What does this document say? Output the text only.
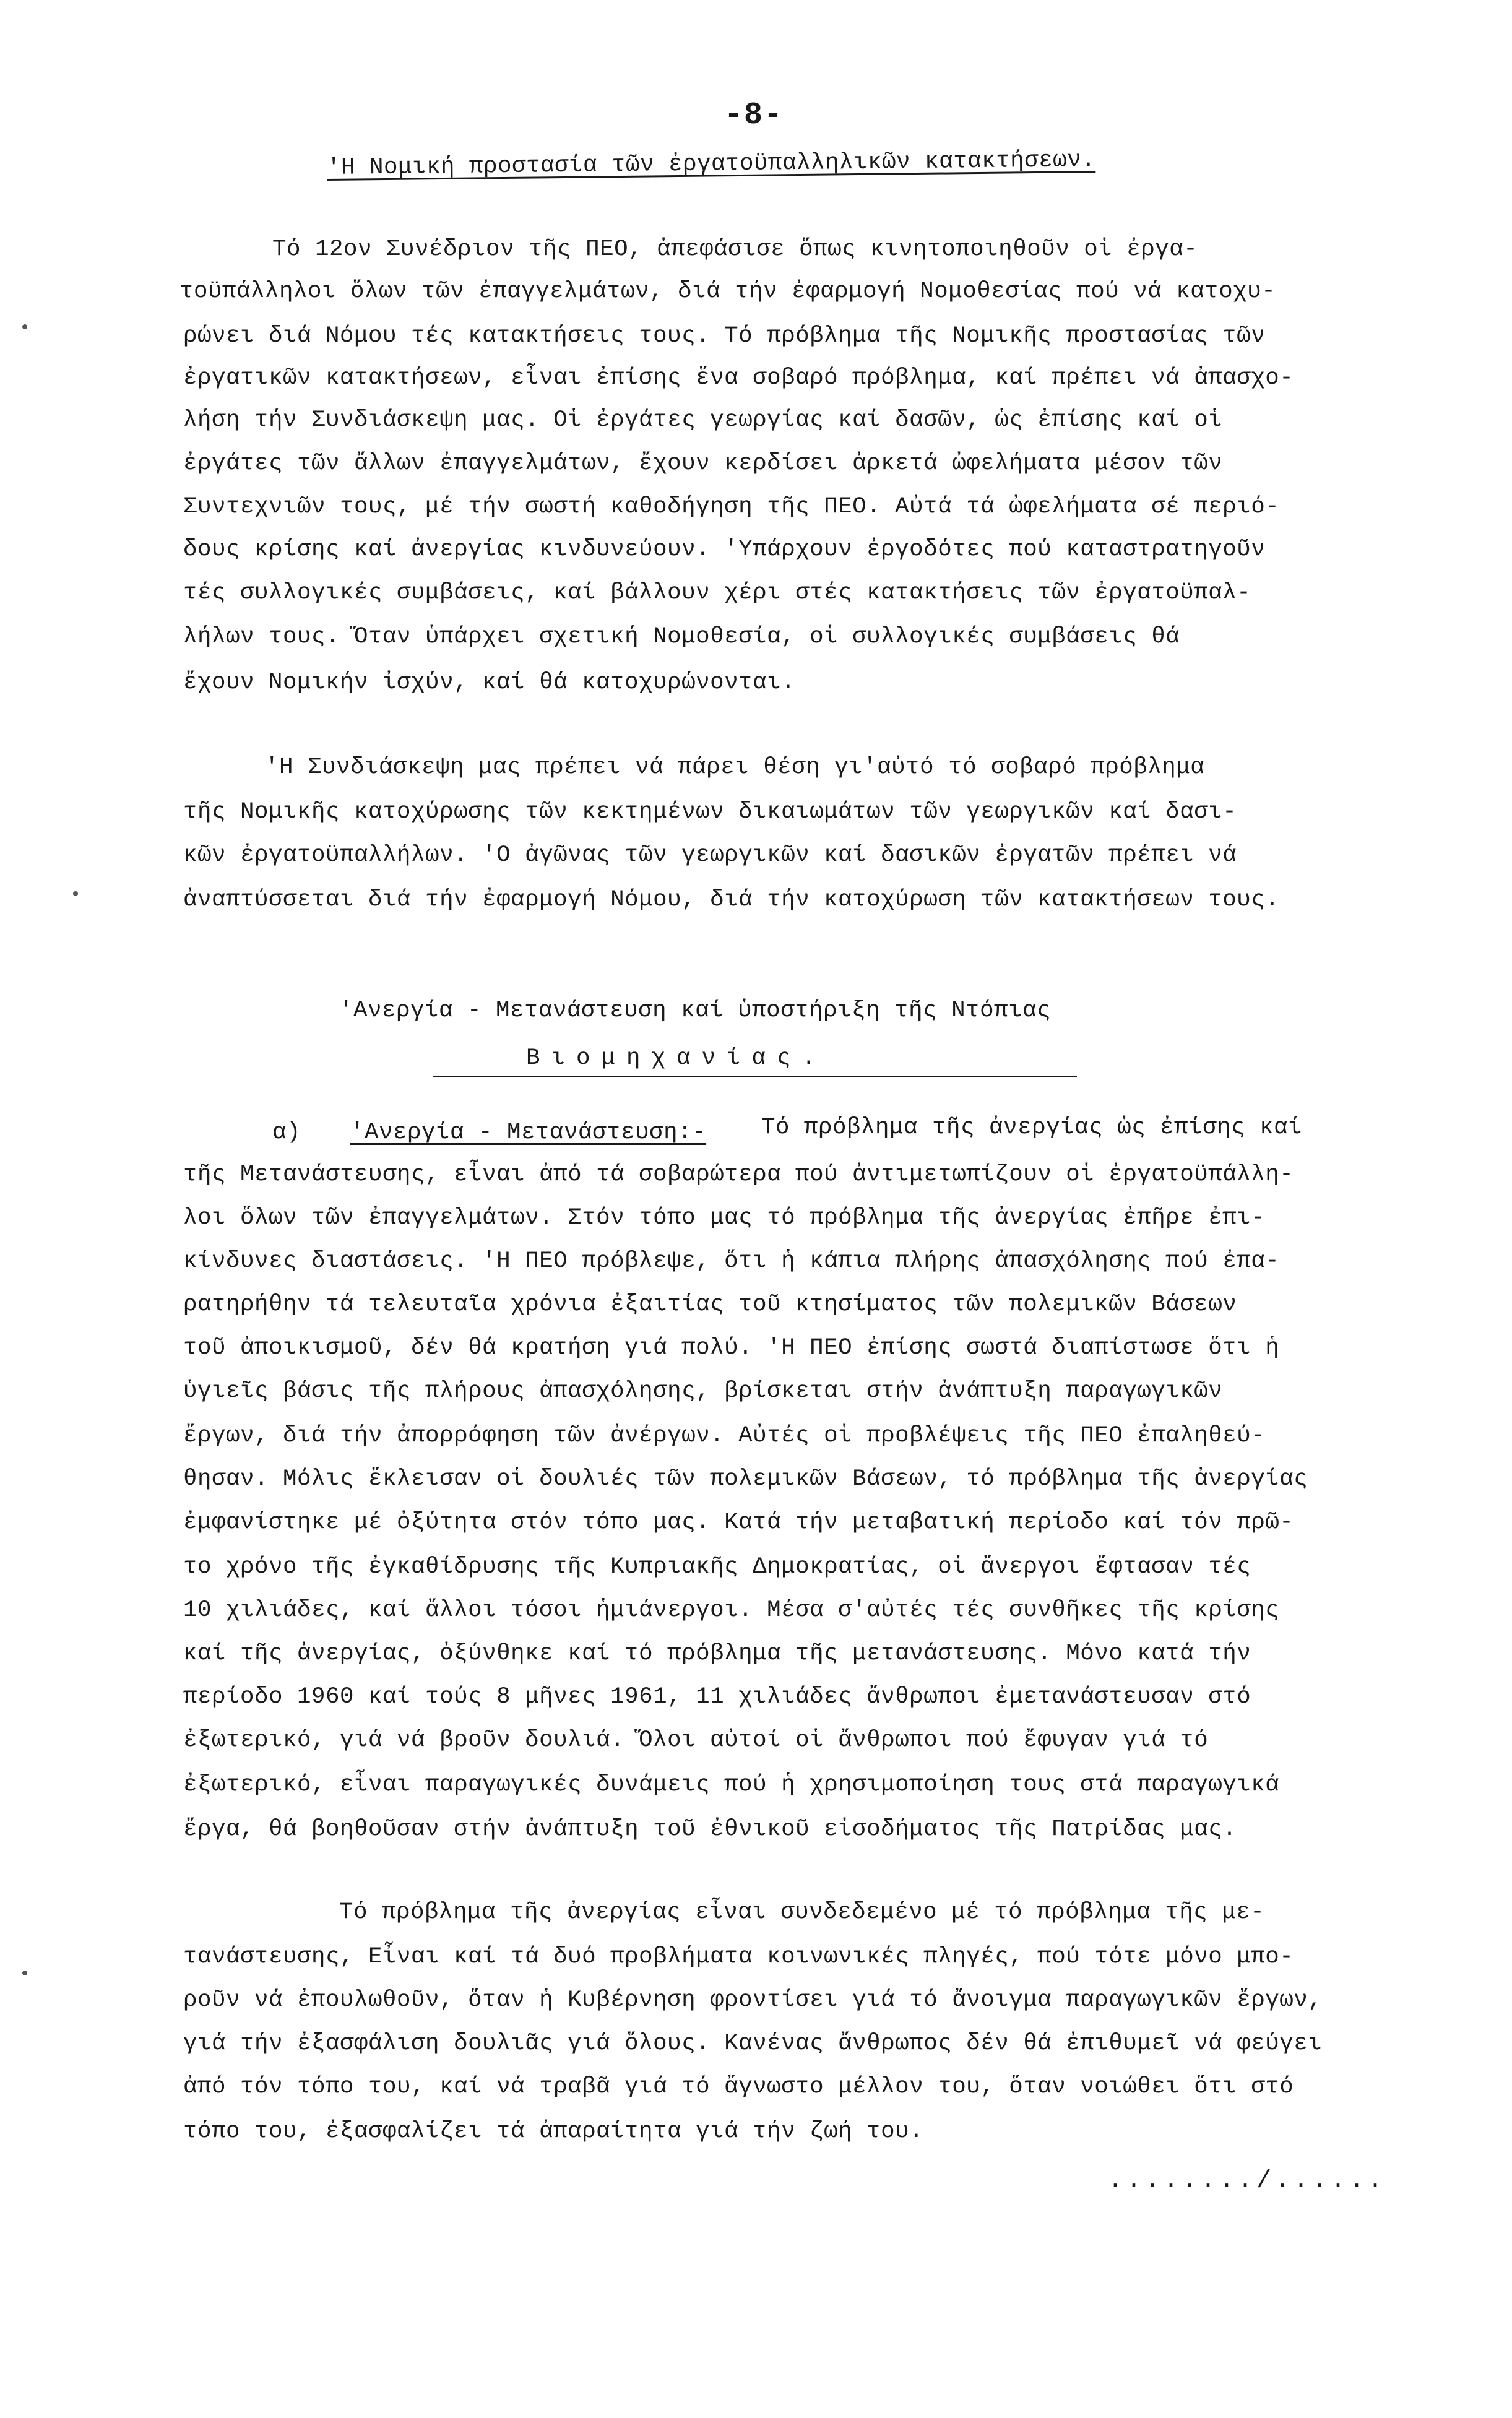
-8-
'Η Νομική προστασία τῶν ἐργατοϋπαλληλικῶν κατακτήσεων.
Τό 12ον Συνέδριον τῆς ΠΕΟ, ἀπεφάσισε ὅπως κινητοποιηθοῦν οἱ ἐργα-
τοϋπάλληλοι ὅλων τῶν ἐπαγγελμάτων, διά τήν ἐφαρμογή Νομοθεσίας πού νά κατοχυ-
ρώνει διά Νόμου τές κατακτήσεις τους. Τό πρόβλημα τῆς Νομικῆς προστασίας τῶν
ἐργατικῶν κατακτήσεων, εἶναι ἐπίσης ἕνα σοβαρό πρόβλημα, καί πρέπει νά ἀπασχο-
λήση τήν Συνδιάσκεψη μας. Οἱ ἐργάτες γεωργίας καί δασῶν, ὡς ἐπίσης καί οἱ
ἐργάτες τῶν ἄλλων ἐπαγγελμάτων, ἔχουν κερδίσει ἀρκετά ὠφελήματα μέσον τῶν
Συντεχνιῶν τους, μέ τήν σωστή καθοδήγηση τῆς ΠΕΟ. Αὐτά τά ὠφελήματα σέ περιό-
δους κρίσης καί ἀνεργίας κινδυνεύουν. 'Υπάρχουν ἐργοδότες πού καταστρατηγοῦν
τές συλλογικές συμβάσεις, καί βάλλουν χέρι στές κατακτήσεις τῶν ἐργατοϋπαλ-
λήλων τους. Ὅταν ὑπάρχει σχετική Νομοθεσία, οἱ συλλογικές συμβάσεις θά
ἔχουν Νομικήν ἰσχύν, καί θά κατοχυρώνονται.
'Η Συνδιάσκεψη μας πρέπει νά πάρει θέση γι'αὐτό τό σοβαρό πρόβλημα
τῆς Νομικῆς κατοχύρωσης τῶν κεκτημένων δικαιωμάτων τῶν γεωργικῶν καί δασι-
κῶν ἐργατοϋπαλλήλων. 'Ο ἀγῶνας τῶν γεωργικῶν καί δασικῶν ἐργατῶν πρέπει νά
ἀναπτύσσεται διά τήν ἐφαρμογή Νόμου, διά τήν κατοχύρωση τῶν κατακτήσεων τους.
'Ανεργία - Μετανάστευση καί ὑποστήριξη τῆς Ντόπιας
Βιομηχανίας.
α) 'Ανεργία - Μετανάστευση:- Τό πρόβλημα τῆς ἀνεργίας ὡς ἐπίσης καί
τῆς Μετανάστευσης, εἶναι ἀπό τά σοβαρώτερα πού ἀντιμετωπίζουν οἱ ἐργατοϋπάλλη-
λοι ὅλων τῶν ἐπαγγελμάτων. Στόν τόπο μας τό πρόβλημα τῆς ἀνεργίας ἐπῆρε ἐπι-
κίνδυνες διαστάσεις. 'Η ΠΕΟ πρόβλεψε, ὅτι ἡ κάπια πλήρης ἀπασχόλησης πού ἐπα-
ρατηρήθην τά τελευταῖα χρόνια ἐξαιτίας τοῦ κτησίματος τῶν πολεμικῶν Βάσεων
τοῦ ἀποικισμοῦ, δέν θά κρατήση γιά πολύ. 'Η ΠΕΟ ἐπίσης σωστά διαπίστωσε ὅτι ἡ
ὑγιεῖς βάσις τῆς πλήρους ἀπασχόλησης, βρίσκεται στήν ἀνάπτυξη παραγωγικῶν
ἔργων, διά τήν ἀπορρόφηση τῶν ἀνέργων. Αὐτές οἱ προβλέψεις τῆς ΠΕΟ ἐπαληθεύ-
θησαν. Μόλις ἔκλεισαν οἱ δουλιές τῶν πολεμικῶν Βάσεων, τό πρόβλημα τῆς ἀνεργίας
ἐμφανίστηκε μέ ὀξύτητα στόν τόπο μας. Κατά τήν μεταβατική περίοδο καί τόν πρῶ-
το χρόνο τῆς ἐγκαθίδρυσης τῆς Κυπριακῆς Δημοκρατίας, οἱ ἄνεργοι ἔφτασαν τές
10 χιλιάδες, καί ἄλλοι τόσοι ἡμιάνεργοι. Μέσα σ'αὐτές τές συνθῆκες τῆς κρίσης
καί τῆς ἀνεργίας, ὀξύνθηκε καί τό πρόβλημα τῆς μετανάστευσης. Μόνο κατά τήν
περίοδο 1960 καί τούς 8 μῆνες 1961, 11 χιλιάδες ἄνθρωποι ἐμετανάστευσαν στό
ἐξωτερικό, γιά νά βροῦν δουλιά. Ὅλοι αὐτοί οἱ ἄνθρωποι πού ἔφυγαν γιά τό
ἐξωτερικό, εἶναι παραγωγικές δυνάμεις πού ἡ χρησιμοποίηση τους στά παραγωγικά
ἔργα, θά βοηθοῦσαν στήν ἀνάπτυξη τοῦ ἐθνικοῦ εἰσοδήματος τῆς Πατρίδας μας.
Τό πρόβλημα τῆς ἀνεργίας εἶναι συνδεδεμένο μέ τό πρόβλημα τῆς με-
τανάστευσης, Εἶναι καί τά δυό προβλήματα κοινωνικές πληγές, πού τότε μόνο μπο-
ροῦν νά ἐπουλωθοῦν, ὅταν ἡ Κυβέρνηση φροντίσει γιά τό ἄνοιγμα παραγωγικῶν ἔργων,
γιά τήν ἐξασφάλιση δουλιᾶς γιά ὅλους. Κανένας ἄνθρωπος δέν θά ἐπιθυμεῖ νά φεύγει
ἀπό τόν τόπο του, καί νά τραβᾶ γιά τό ἄγνωστο μέλλον του, ὅταν νοιώθει ὅτι στό
τόπο του, ἐξασφαλίζει τά ἀπαραίτητα γιά τήν ζωή του.
......../......
